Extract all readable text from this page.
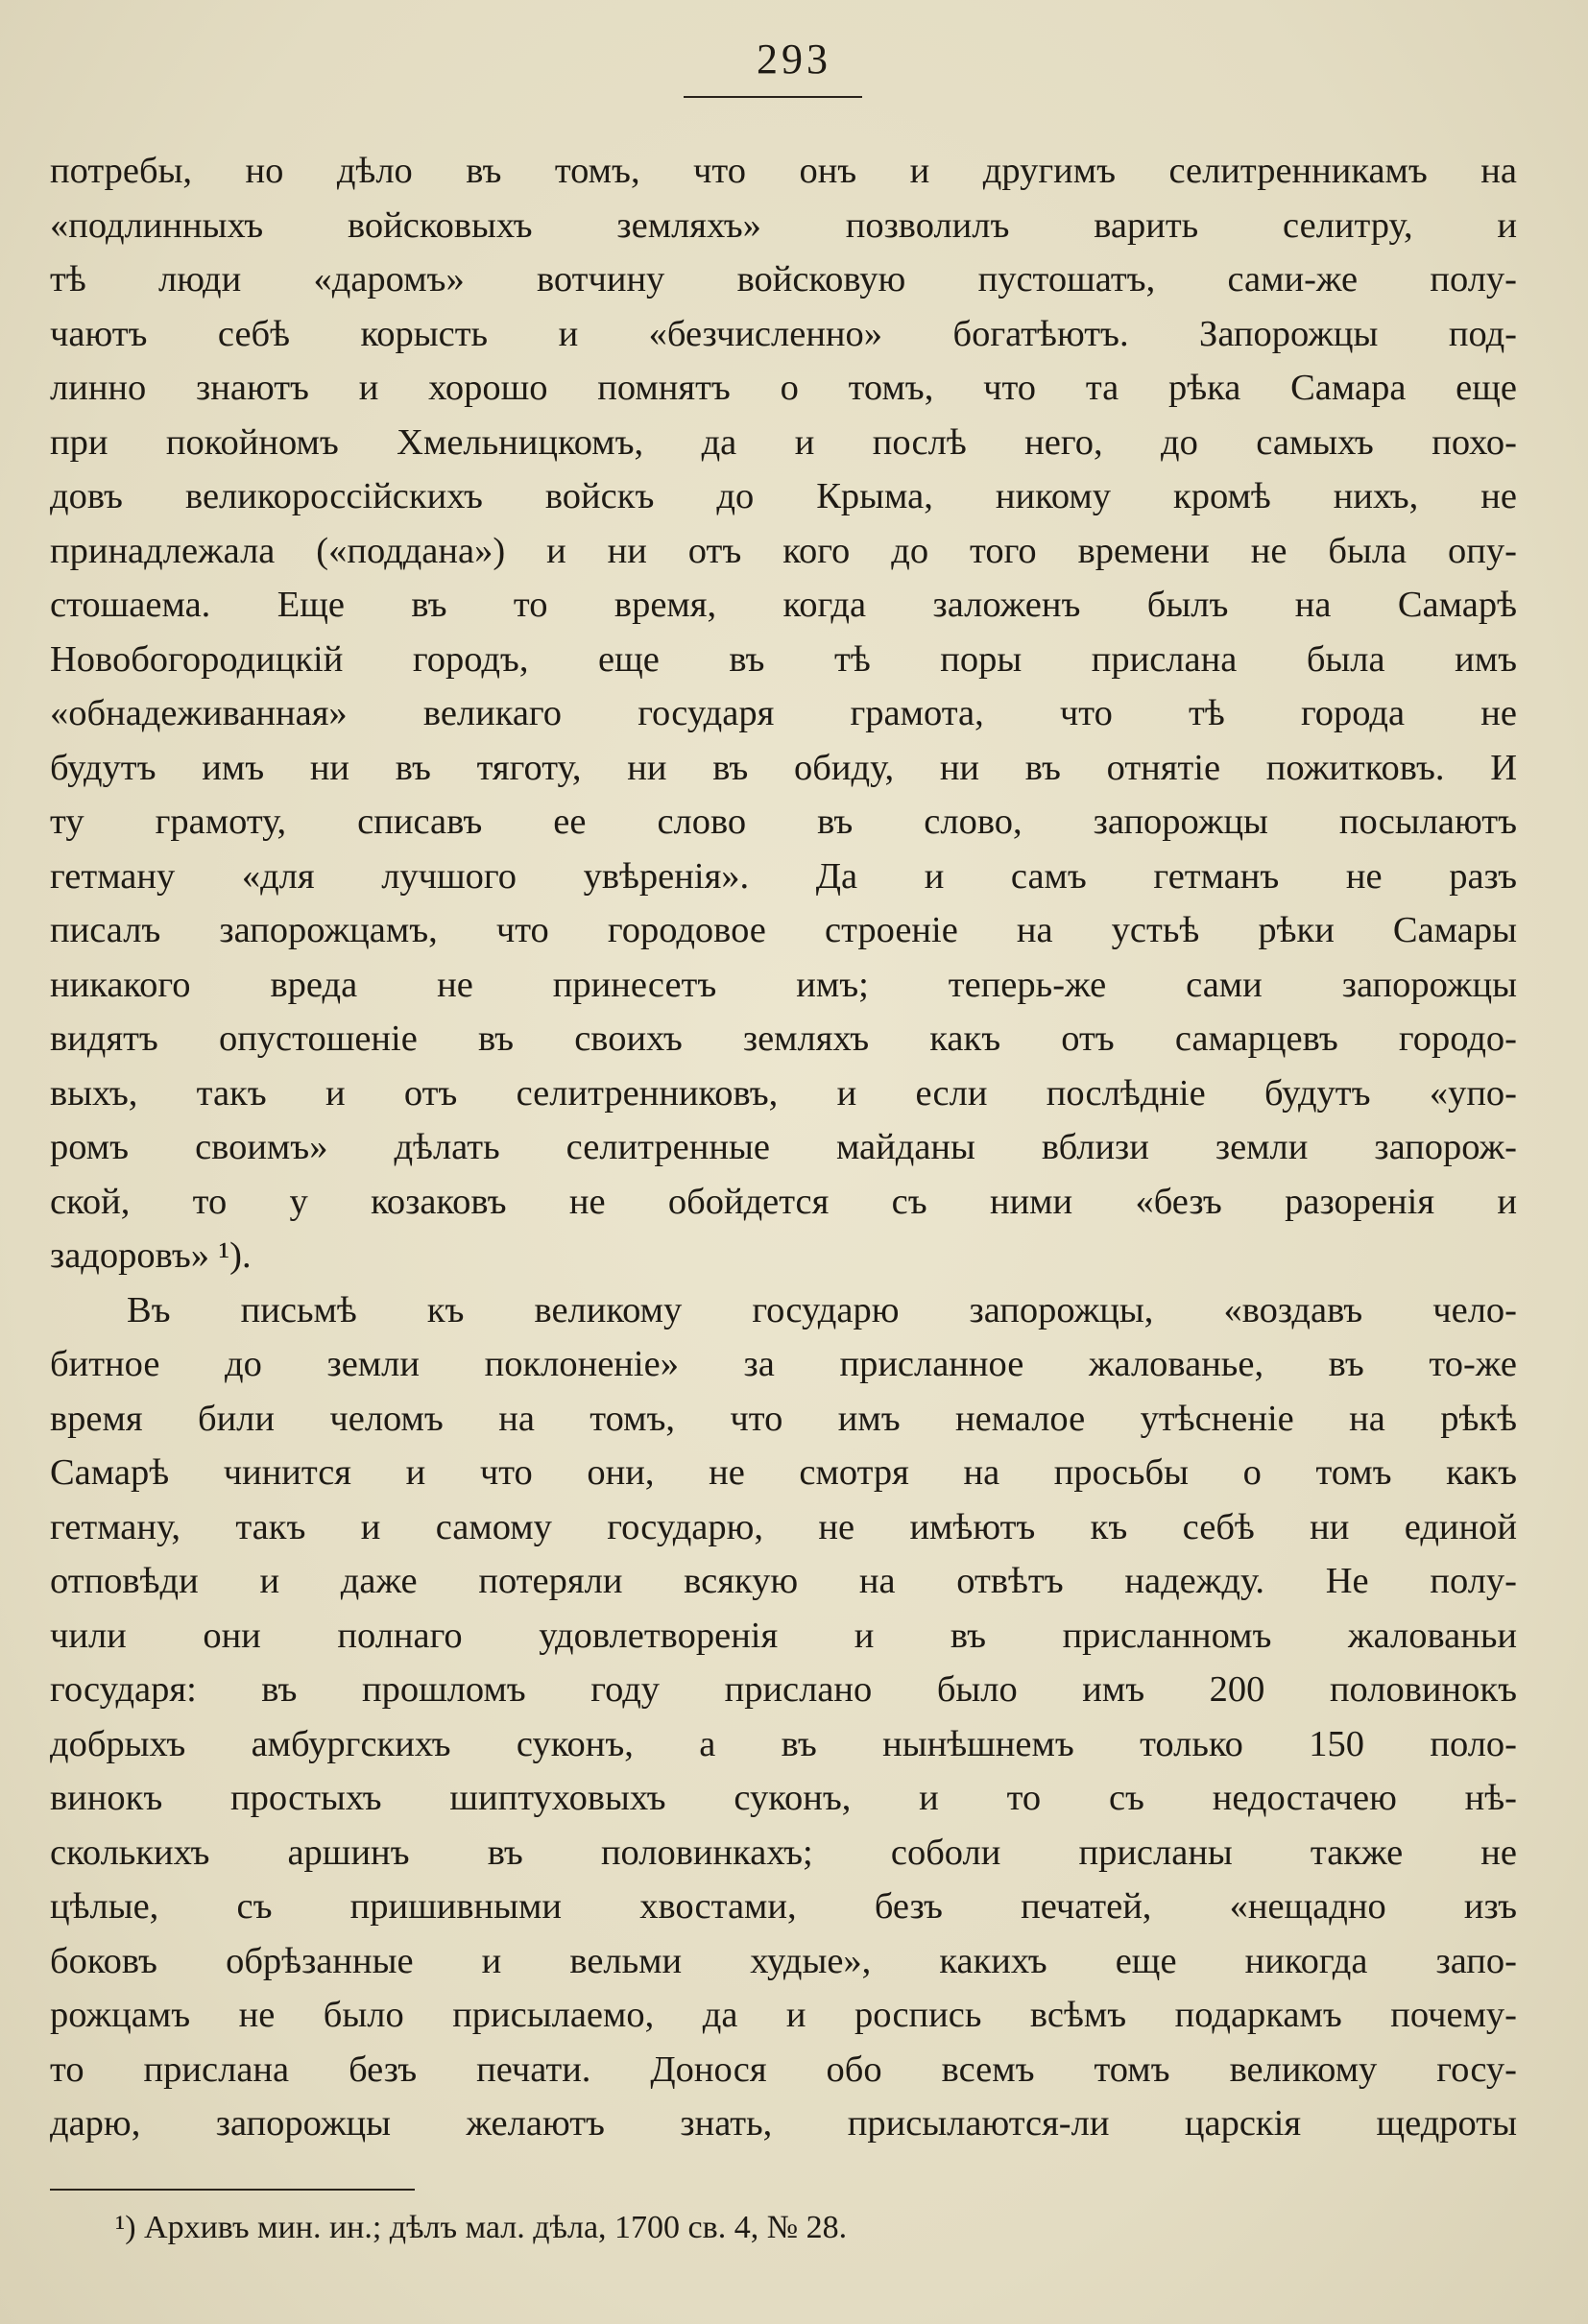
293
потребы, но дѣло въ томъ, что онъ и другимъ селитренникамъ на
«подлинныхъ войсковыхъ земляхъ» позволилъ варить селитру, и
тѣ люди «даромъ» вотчину войсковую пустошатъ, сами-же полу-
чаютъ себѣ корысть и «безчисленно» богатѣютъ. Запорожцы под-
линно знаютъ и хорошо помнятъ о томъ, что та рѣка Самара еще
при покойномъ Хмельницкомъ, да и послѣ него, до самыхъ похо-
довъ великороссійскихъ войскъ до Крыма, никому кромѣ нихъ, не
принадлежала («поддана») и ни отъ кого до того времени не была опу-
стошаема. Еще въ то время, когда заложенъ былъ на Самарѣ
Новобогородицкій городъ, еще въ тѣ поры прислана была имъ
«обнадеживанная» великаго государя грамота, что тѣ города не
будутъ имъ ни въ тяготу, ни въ обиду, ни въ отнятіе пожитковъ. И
ту грамоту, списавъ ее слово въ слово, запорожцы посылаютъ
гетману «для лучшого увѣренія». Да и самъ гетманъ не разъ
писалъ запорожцамъ, что городовое строеніе на устьѣ рѣки Самары
никакого вреда не принесетъ имъ; теперь-же сами запорожцы
видятъ опустошеніе въ своихъ земляхъ какъ отъ самарцевъ городо-
выхъ, такъ и отъ селитренниковъ, и если послѣдніе будутъ «упо-
ромъ своимъ» дѣлать селитренные майданы вблизи земли запорож-
ской, то у козаковъ не обойдется съ ними «безъ разоренія и
задоровъ» ¹).
Въ письмѣ къ великому государю запорожцы, «воздавъ чело-
битное до земли поклоненіе» за присланное жалованье, въ то-же
время били челомъ на томъ, что имъ немалое утѣсненіе на рѣкѣ
Самарѣ чинится и что они, не смотря на просьбы о томъ какъ
гетману, такъ и самому государю, не имѣютъ къ себѣ ни единой
отповѣди и даже потеряли всякую на отвѣтъ надежду. Не полу-
чили они полнаго удовлетворенія и въ присланномъ жалованьи
государя: въ прошломъ году прислано было имъ 200 половинокъ
добрыхъ амбургскихъ суконъ, а въ нынѣшнемъ только 150 поло-
винокъ простыхъ шиптуховыхъ суконъ, и то съ недостачею нѣ-
сколькихъ аршинъ въ половинкахъ; соболи присланы также не
цѣлые, съ пришивными хвостами, безъ печатей, «нещадно изъ
боковъ обрѣзанные и вельми худые», какихъ еще никогда запо-
рожцамъ не было присылаемо, да и роспись всѣмъ подаркамъ почему-
то прислана безъ печати. Донося обо всемъ томъ великому госу-
дарю, запорожцы желаютъ знать, присылаются-ли царскія щедроты
¹) Архивъ мин. ин.; дѣлъ мал. дѣла, 1700 св. 4, № 28.
